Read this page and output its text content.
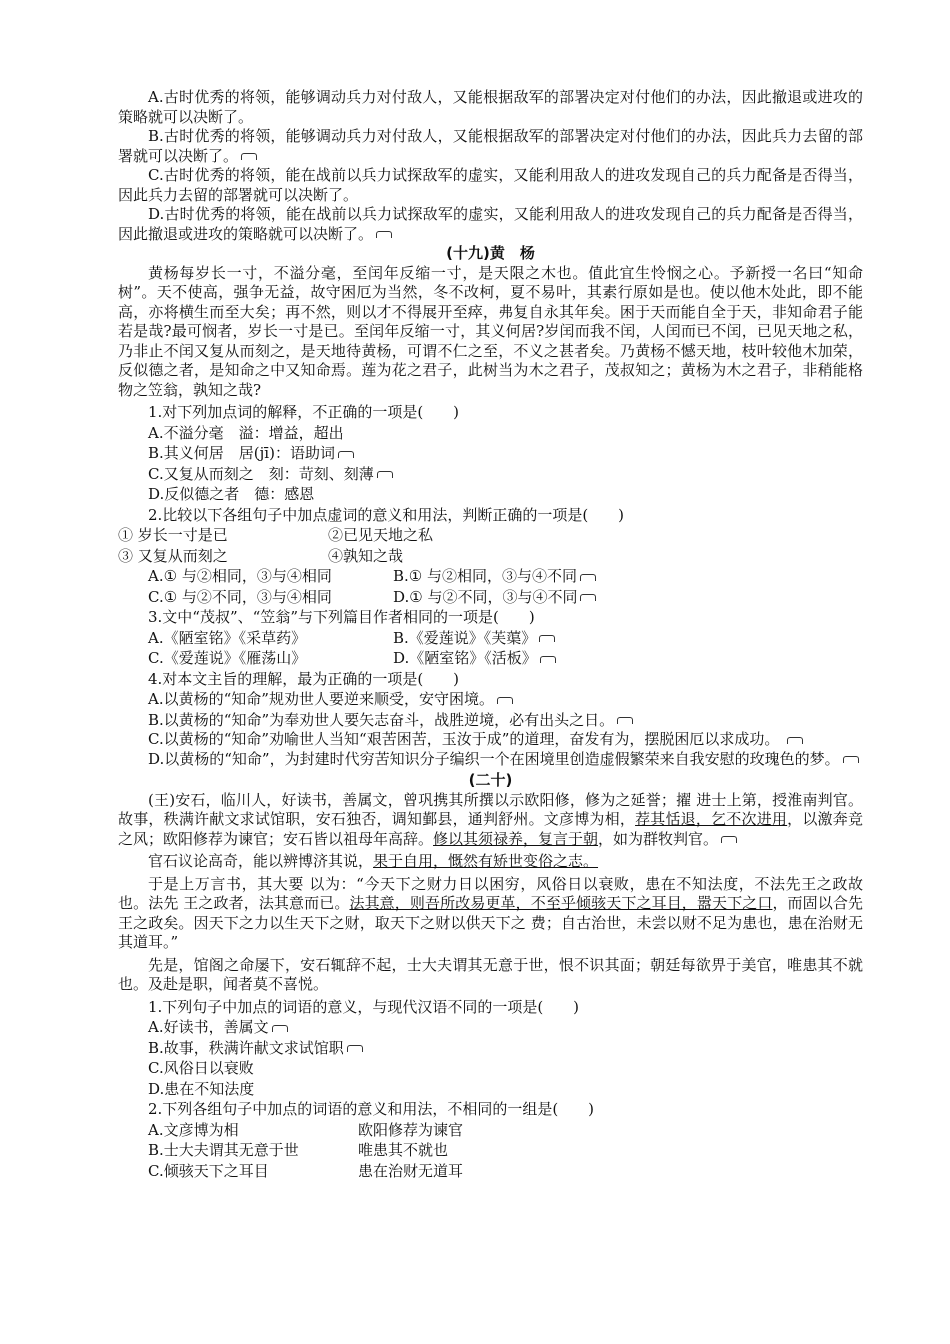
A.古时优秀的将领，能够调动兵力对付敌人，又能根据敌军的部署决定对付他们的办法，因此撤退或进攻的策略就可以决断了。

B.古时优秀的将领，能够调动兵力对付敌人，又能根据敌军的部署决定对付他们的办法，因此兵力去留的部署就可以决断了。

C.古时优秀的将领，能在战前以兵力试探敌军的虚实，又能利用敌人的进攻发现自己的兵力配备是否得当，因此兵力去留的部署就可以决断了。

D.古时优秀的将领，能在战前以兵力试探敌军的虚实，又能利用敌人的进攻发现自己的兵力配备是否得当，因此撤退或进攻的策略就可以决断了。

(十九)黄　杨

黄杨每岁长一寸，不溢分毫，至闰年反缩一寸，是天限之木也。值此宜生怜悯之心。予新授一名曰“知命树”。天不使高，强争无益，故守困厄为当然，冬不改柯，夏不易叶，其素行原如是也。使以他木处此，即不能高，亦将横生而至大矣；再不然，则以才不得展开至瘁，弗复自永其年矣。困于天而能自全于天，非知命君子能若是哉?最可悯者，岁长一寸是已。至闰年反缩一寸，其义何居?岁闰而我不闰，人闰而已不闰，已见天地之私，乃非止不闰又复从而刻之，是天地待黄杨，可谓不仁之至，不义之甚者矣。乃黄杨不憾天地，枝叶较他木加荣，反似德之者，是知命之中又知命焉。莲为花之君子，此树当为木之君子，茂叔知之；黄杨为木之君子，非稍能格物之笠翁，孰知之哉?

1.对下列加点词的解释，不正确的一项是(　　)

A.不溢分毫　溢：增益，超出

B.其义何居　居(jī)：语助词

C.又复从而刻之　刻：苛刻、刻薄

D.反似德之者　德：感恩

2.比较以下各组句子中加点虚词的意义和用法，判断正确的一项是(　　)

① 岁长一寸是已	②已见天地之私
③ 又复从而刻之	④孰知之哉
A.① 与②相同，③与④相同	B.① 与②相同，③与④不同
C.① 与②不同，③与④相同	D.① 与②不同，③与④不同

3.文中“茂叔”、“笠翁”与下列篇目作者相同的一项是(　　)

A.《陋室铭》《采草药》	B.《爱莲说》《芙蕖》
C.《爱莲说》《雁荡山》	D.《陋室铭》《活板》

4.对本文主旨的理解，最为正确的一项是(　　)

A.以黄杨的“知命”规劝世人要逆来顺受，安守困境。

B.以黄杨的“知命”为奉劝世人要矢志奋斗，战胜逆境，必有出头之日。

C.以黄杨的“知命”劝喻世人当知“艰苦困苦，玉汝于成”的道理，奋发有为，摆脱困厄以求成功。

D.以黄杨的“知命”，为封建时代穷苦知识分子编织一个在困境里创造虚假繁荣来自我安慰的玫瑰色的梦。

(二十)

(王)安石，临川人，好读书，善属文，曾巩携其所撰以示欧阳修，修为之延誉；擢 进士上第，授淮南判官。故事，秩满许献文求试馆职，安石独否，调知鄞县，通判舒州。文彦博为相，荐其恬退，乞不次进用，以激奔竞之风；欧阳修荐为谏官；安石皆以祖母年高辞。修以其须禄养，复言于朝，如为群牧判官。

官石议论高奇，能以辨博济其说，果于自用，慨然有矫世变俗之志。

于是上万言书，其大要 以为：“今天下之财力日以困穷，风俗日以衰败，患在不知法度，不法先王之政故也。法先 王之政者，法其意而已。法其意，则吾所改易更革，不至乎倾骇天下之耳目，嚣天下之口，而固以合先王之政矣。因天下之力以生天下之财，取天下之财以供天下之 费；自古治世，未尝以财不足为患也，患在治财无其道耳。”

先是，馆阁之命屡下，安石辄辞不起，士大夫谓其无意于世，恨不识其面；朝廷每欲畀于美官，唯患其不就也。及赴是职，闻者莫不喜悦。

1.下列句子中加点的词语的意义，与现代汉语不同的一项是(　　)

A.好读书，善属文

B.故事，秩满许献文求试馆职

C.风俗日以衰败

D.患在不知法度

2.下列各组句子中加点的词语的意义和用法，不相同的一组是(　　)

A.文彦博为相	欧阳修荐为谏官
B.士大夫谓其无意于世	唯患其不就也
C.倾骇天下之耳目	患在治财无道耳
